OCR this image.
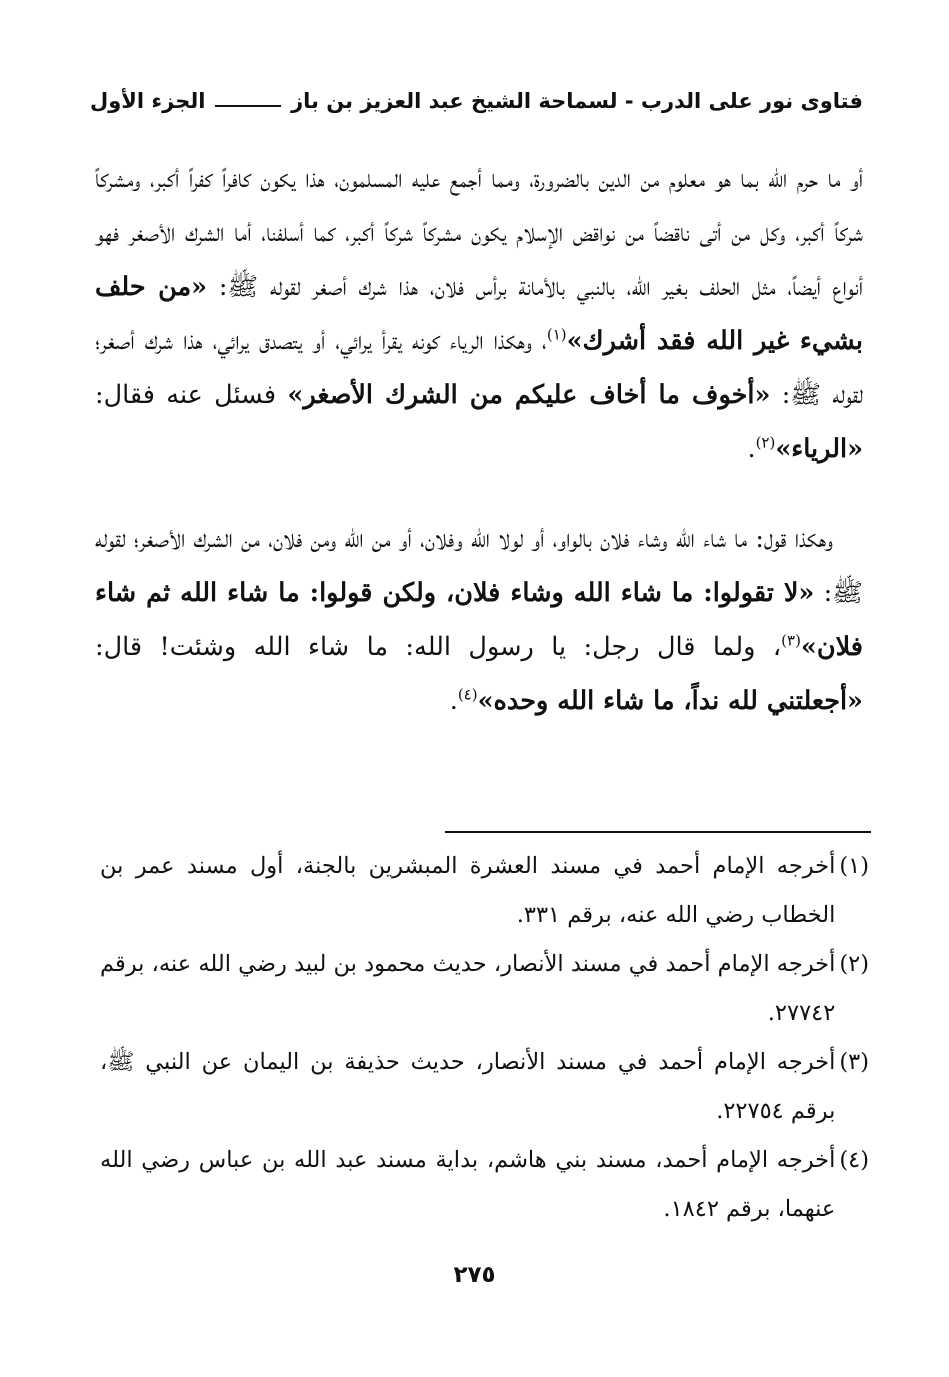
فتاوى نور على الدرب - لسماحة الشيخ عبد العزيز بن باز
الجزء الأول

أو ما حرم الله بما هو معلوم من الدين بالضرورة، ومما أجمع عليه المسلمون، هذا يكون كافراً كفراً أكبر، ومشركاً شركاً أكبر، وكل من أتى ناقضاً من نواقض الإسلام يكون مشركاً شركاً أكبر، كما أسلفنا، أما الشرك الأصغر فهو أنواع أيضاً، مثل الحلف بغير الله، بالنبي بالأمانة برأس فلان، هذا شرك أصغر لقوله ﷺ: «من حلف بشيء غير الله فقد أشرك»$^{(١)}$، وهكذا الرياء كونه يقرأ يرائي، أو يتصدق يرائي، هذا شرك أصغر؛ لقوله ﷺ: «أخوف ما أخاف عليكم من الشرك الأصغر» فسئل عنه فقال: «الرياء»$^{(٢)}$.

وهكذا قول: ما شاء الله وشاء فلان بالواو، أو لولا الله وفلان، أو من الله ومن فلان، من الشرك الأصغر؛ لقوله ﷺ: «لا تقولوا: ما شاء الله وشاء فلان، ولكن قولوا: ما شاء الله ثم شاء فلان»$^{(٣)}$، ولما قال رجل: يا رسول الله: ما شاء الله وشئت! قال: «أجعلتني لله نداً، ما شاء الله وحده»$^{(٤)}$.

(١)
أخرجه الإمام أحمد في مسند العشرة المبشرين بالجنة، أول مسند عمر بن الخطاب رضي الله عنه، برقم ٣٣١.
(٢)
أخرجه الإمام أحمد في مسند الأنصار، حديث محمود بن لبيد رضي الله عنه، برقم ٢٧٧٤٢.
(٣)
أخرجه الإمام أحمد في مسند الأنصار، حديث حذيفة بن اليمان عن النبي ﷺ، برقم ٢٢٧٥٤.
(٤)
أخرجه الإمام أحمد، مسند بني هاشم، بداية مسند عبد الله بن عباس رضي الله عنهما، برقم ١٨٤٢.
٢٧٥
